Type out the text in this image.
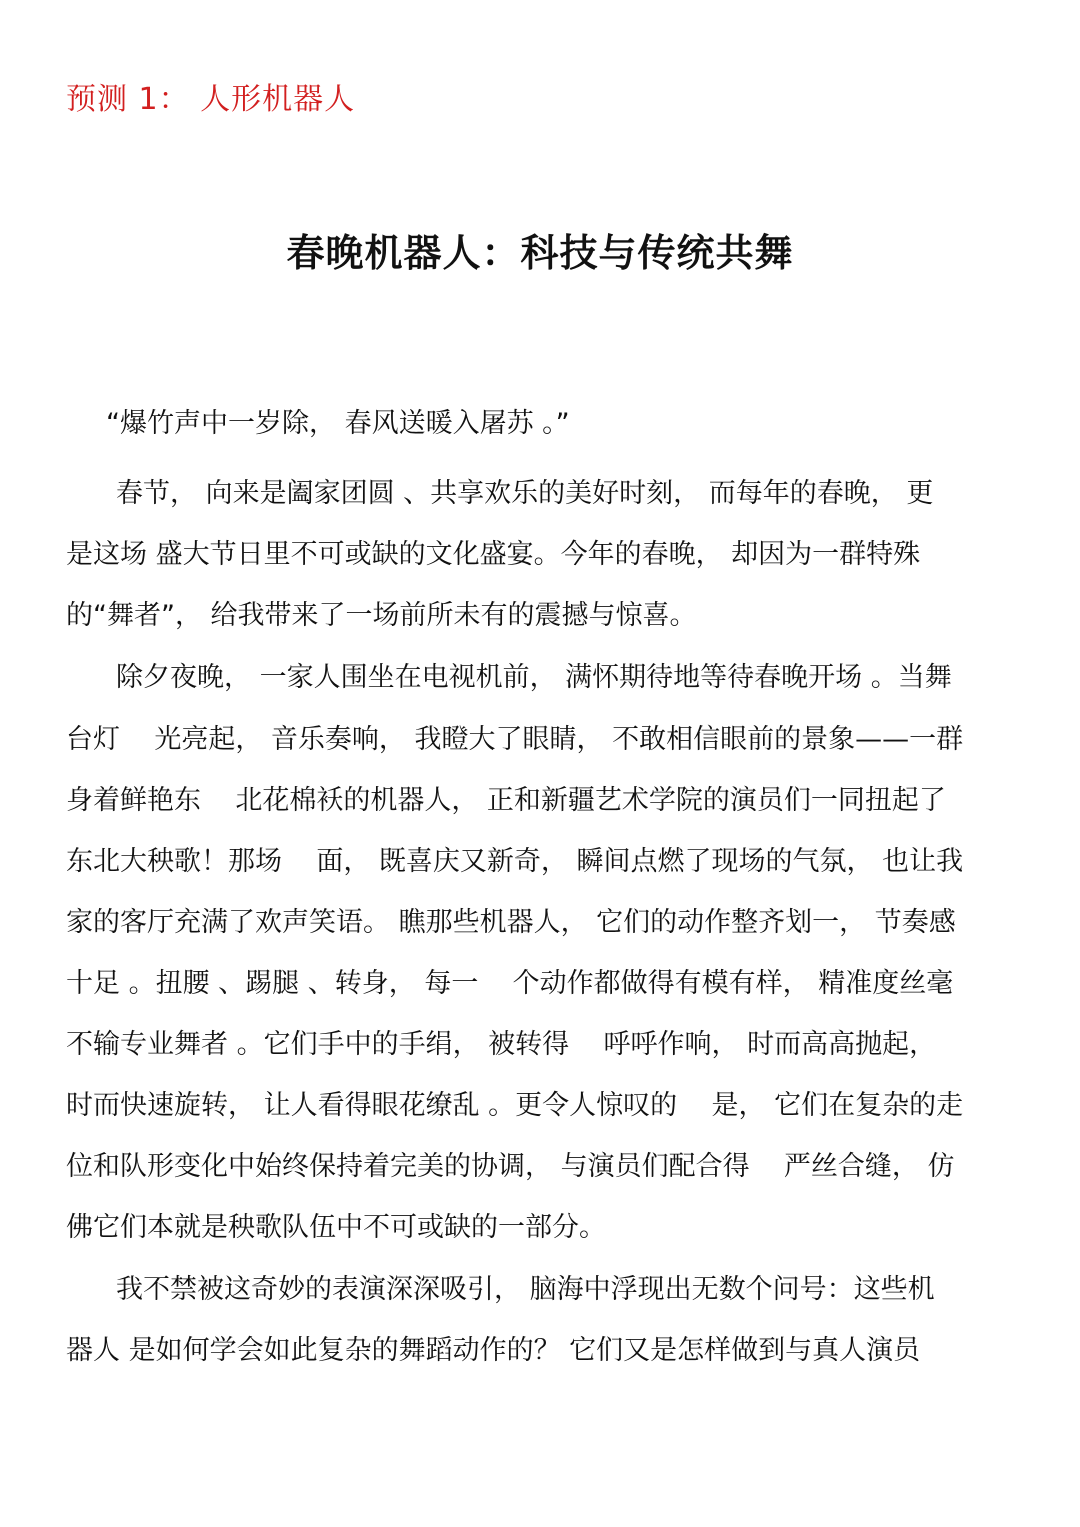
预测 1： 人形机器人
春晚机器人：科技与传统共舞
“爆竹声中一岁除， 春风送暖入屠苏 。”
春节， 向来是阖家团圆 、共享欢乐的美好时刻， 而每年的春晚， 更
是这场 盛大节日里不可或缺的文化盛宴。今年的春晚， 却因为一群特殊
的“舞者”， 给我带来了一场前所未有的震撼与惊喜。
除夕夜晚， 一家人围坐在电视机前， 满怀期待地等待春晚开场 。当舞
台灯    光亮起， 音乐奏响， 我瞪大了眼睛， 不敢相信眼前的景象——一群
身着鲜艳东    北花棉袄的机器人， 正和新疆艺术学院的演员们一同扭起了
东北大秧歌！那场    面， 既喜庆又新奇， 瞬间点燃了现场的气氛， 也让我
家的客厅充满了欢声笑语。 瞧那些机器人， 它们的动作整齐划一， 节奏感
十足 。扭腰 、踢腿 、转身， 每一    个动作都做得有模有样， 精准度丝毫
不输专业舞者 。它们手中的手绢， 被转得    呼呼作响， 时而高高抛起，
时而快速旋转， 让人看得眼花缭乱 。更令人惊叹的    是， 它们在复杂的走
位和队形变化中始终保持着完美的协调， 与演员们配合得    严丝合缝， 仿
佛它们本就是秧歌队伍中不可或缺的一部分。
我不禁被这奇妙的表演深深吸引， 脑海中浮现出无数个问号：这些机
器人 是如何学会如此复杂的舞蹈动作的？ 它们又是怎样做到与真人演员
